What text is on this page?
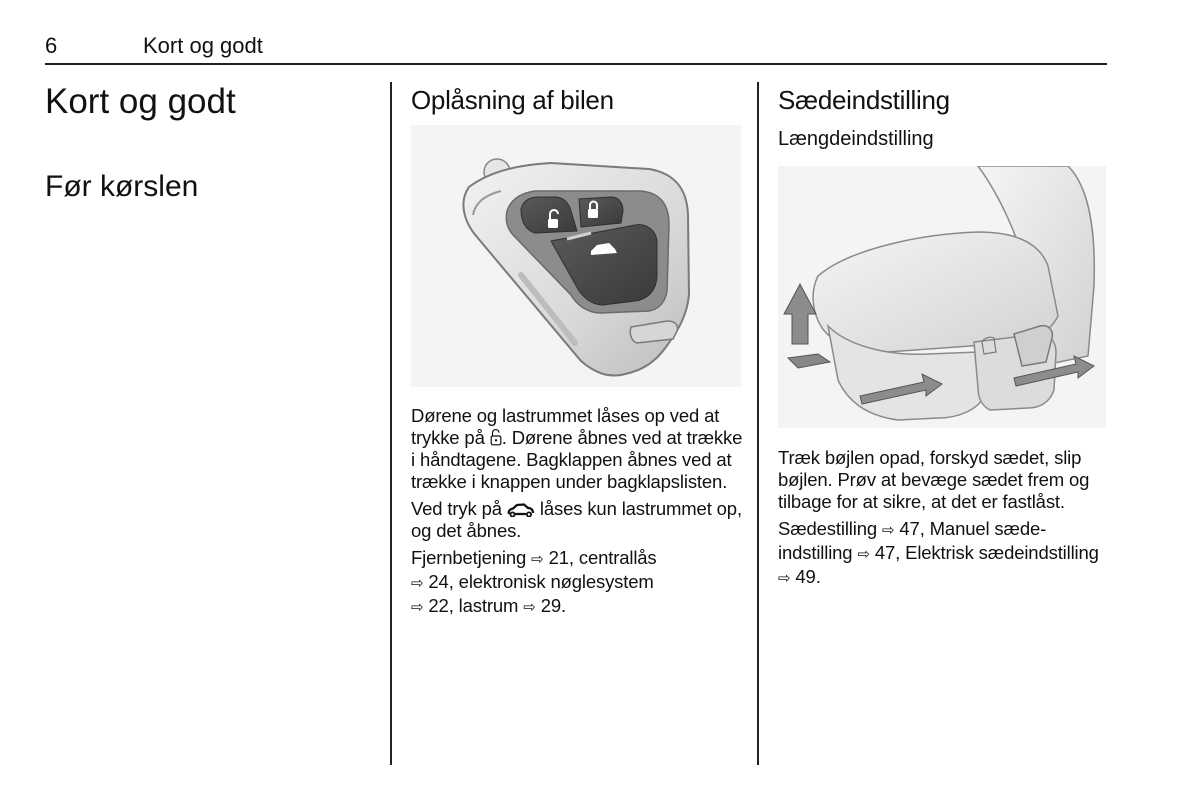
6	Kort og godt
Kort og godt
Før kørslen
Oplåsning af bilen

Dørene og lastrummet låses op ved at trykke på . Dørene åbnes ved at trække i håndtagene. Bagklappen åbnes ved at trække i knappen under bagklapslisten.

Ved tryk på  låses kun lastrummet op, og det åbnes.

Fjernbetjening ⇨ 21, centrallås
⇨ 24, elektronisk nøglesystem
⇨ 22, lastrum ⇨ 29.

Sædeindstilling
Længdeindstilling

Træk bøjlen opad, forskyd sædet, slip bøjlen. Prøv at bevæge sædet frem og tilbage for at sikre, at det er fastlåst.

Sædestilling ⇨ 47, Manuel sædeindstilling ⇨ 47, Elektrisk sædeindstilling ⇨ 49.
